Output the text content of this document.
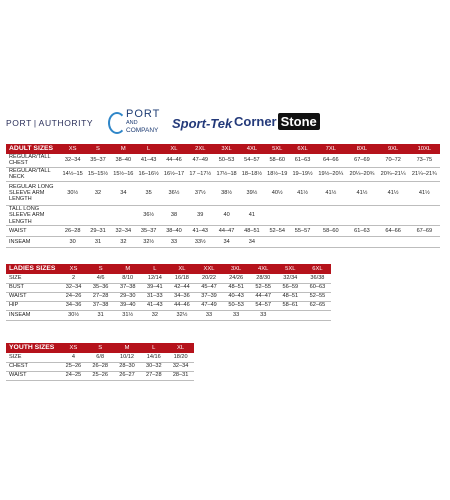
PORT | AUTHORITY
PORT
AND
COMPANY Sport-Tek Corner Stone
ADULT SIZES	XS	S	M	L	XL	2XL	3XL	4XL	5XL	6XL	7XL	8XL	9XL	10XL
REGULAR/TALL CHEST	32–34	35–37	38–40	41–43	44–46	47–49	50–53	54–57	58–60	61–63	64–66	67–69	70–72	73–75
REGULAR/TALL NECK	14½–15	15–15½	15½–16	16–16½	16½–17	17 –17½	17½–18	18–18½	18½–19	19–19½	19½–20¼	20¼–20¾	20¾–21¼	21¼–21¾
REGULAR LONG SLEEVE ARM LENGTH	30½	32	34	35	36½	37½	38½	39½	40½	41½	41½	41½	41½	41½
TALL LONG SLEEVE ARM LENGTH				36½	38	39	40	41						
WAIST	26–28	29–31	32–34	35–37	38–40	41–43	44–47	48–51	52–54	55–57	58–60	61–63	64–66	67–69
INSEAM	30	31	32	32½	33	33½	34	34						
LADIES SIZES	XS	S	M	L	XL	XXL	3XL	4XL	5XL	6XL
SIZE	2	4/6	8/10	12/14	16/18	20/22	24/26	28/30	32/34	36/38
BUST	32–34	35–36	37–38	39–41	42–44	45–47	48–51	52–55	56–59	60–63
WAIST	24–26	27–28	29–30	31–33	34–36	37–39	40–43	44–47	48–51	52–55
HIP	34–36	37–38	39–40	41–43	44–46	47–49	50–53	54–57	58–61	62–65
INSEAM	30½	31	31½	32	32½	33	33	33		
YOUTH SIZES	XS	S	M	L	XL
SIZE	4	6/8	10/12	14/16	18/20
CHEST	25–26	26–28	28–30	30–32	32–34
WAIST	24–25	25–26	26–27	27–28	28–31
